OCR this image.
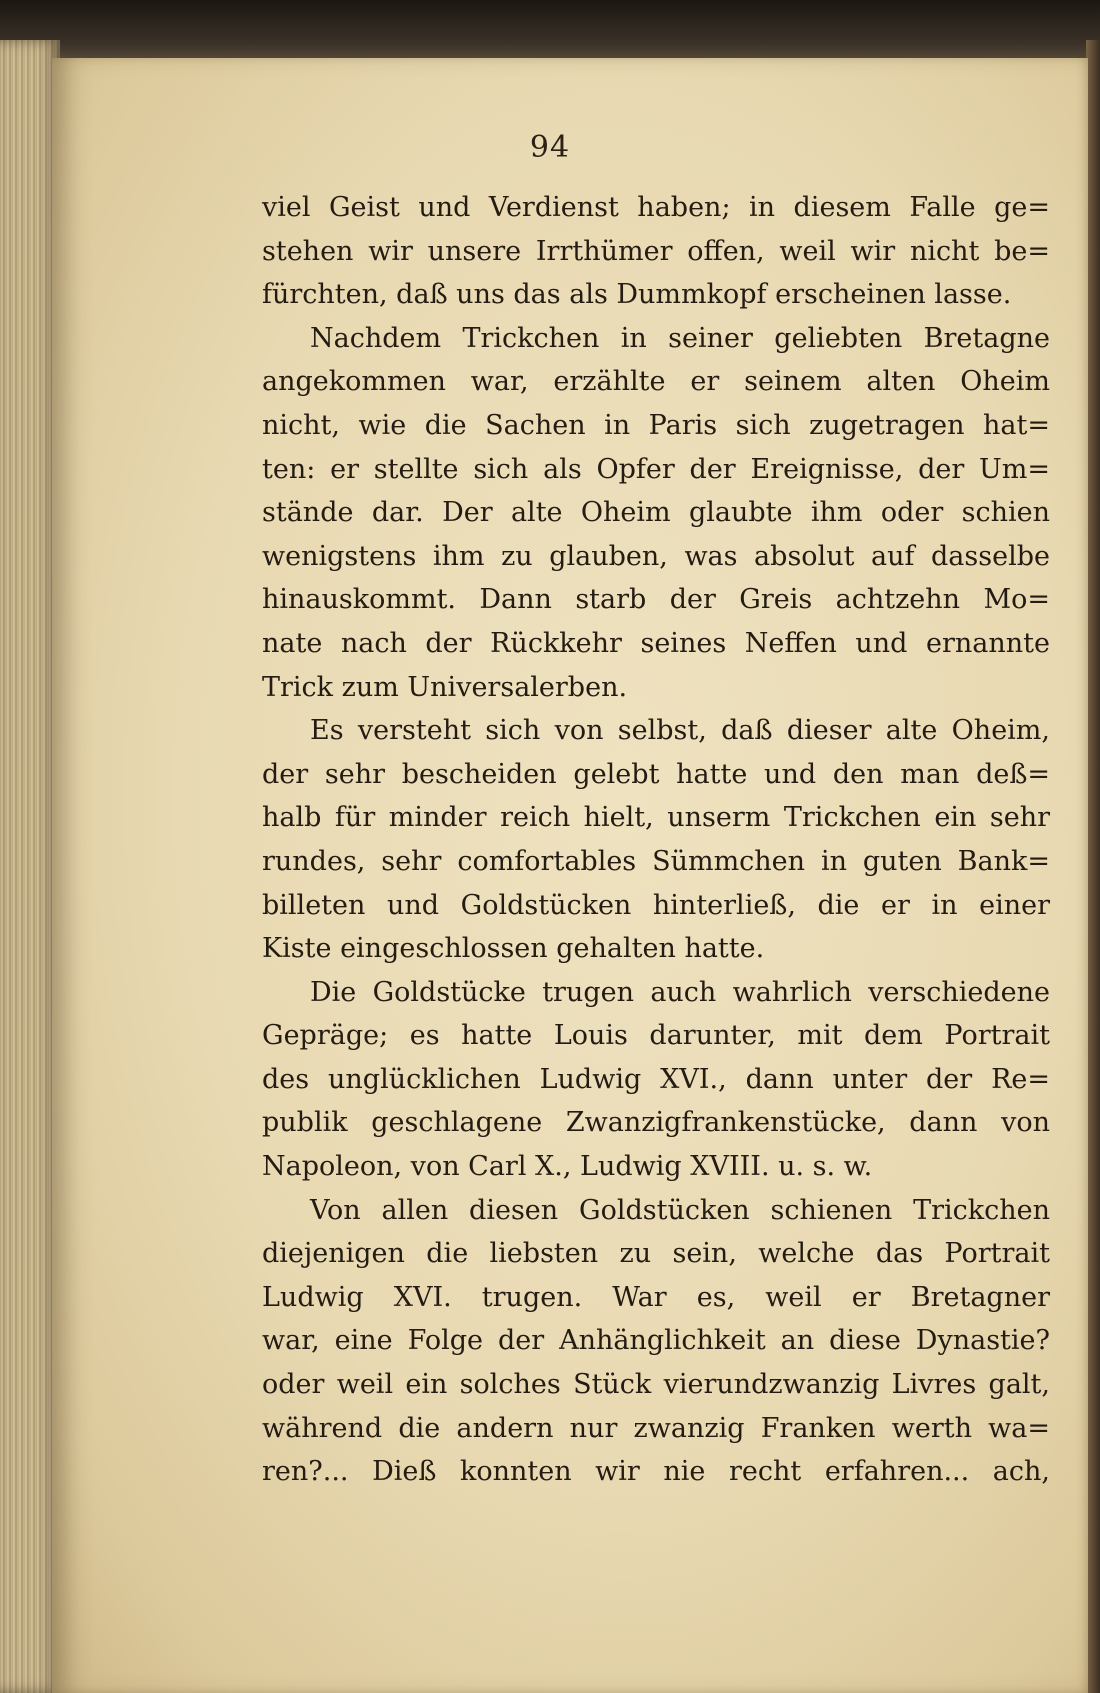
94
viel Geist und Verdienst haben; in diesem Falle ge=
stehen wir unsere Irrthümer offen, weil wir nicht be=
fürchten, daß uns das als Dummkopf erscheinen lasse.
Nachdem Trickchen in seiner geliebten Bretagne
angekommen war, erzählte er seinem alten Oheim
nicht, wie die Sachen in Paris sich zugetragen hat=
ten: er stellte sich als Opfer der Ereignisse, der Um=
stände dar. Der alte Oheim glaubte ihm oder schien
wenigstens ihm zu glauben, was absolut auf dasselbe
hinauskommt. Dann starb der Greis achtzehn Mo=
nate nach der Rückkehr seines Neffen und ernannte
Trick zum Universalerben.
Es versteht sich von selbst, daß dieser alte Oheim,
der sehr bescheiden gelebt hatte und den man deß=
halb für minder reich hielt, unserm Trickchen ein sehr
rundes, sehr comfortables Sümmchen in guten Bank=
billeten und Goldstücken hinterließ, die er in einer
Kiste eingeschlossen gehalten hatte.
Die Goldstücke trugen auch wahrlich verschiedene
Gepräge; es hatte Louis darunter, mit dem Portrait
des unglücklichen Ludwig XVI., dann unter der Re=
publik geschlagene Zwanzigfrankenstücke, dann von
Napoleon, von Carl X., Ludwig XVIII. u. s. w.
Von allen diesen Goldstücken schienen Trickchen
diejenigen die liebsten zu sein, welche das Portrait
Ludwig XVI. trugen. War es, weil er Bretagner
war, eine Folge der Anhänglichkeit an diese Dynastie?
oder weil ein solches Stück vierundzwanzig Livres galt,
während die andern nur zwanzig Franken werth wa=
ren?... Dieß konnten wir nie recht erfahren... ach,
